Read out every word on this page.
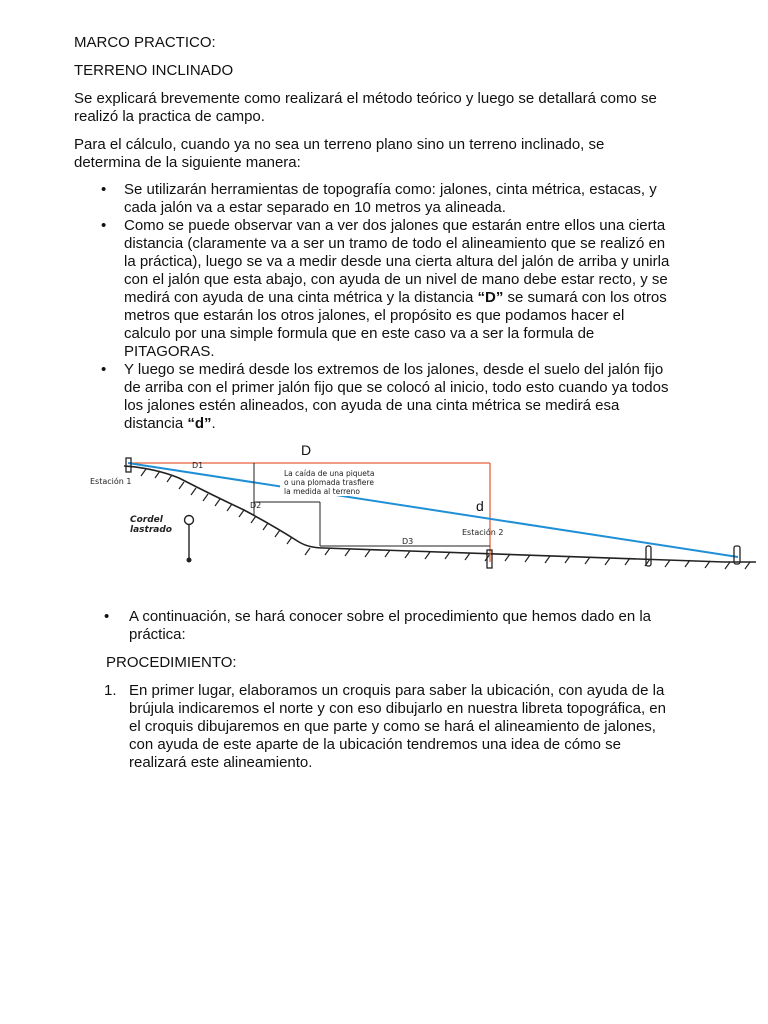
MARCO PRACTICO:

TERRENO INCLINADO

Se explicará brevemente como realizará el método teórico y luego se detallará como se realizó la practica de campo.

Para el cálculo, cuando ya no sea un terreno plano sino un terreno inclinado, se determina de la siguiente manera:

• Se utilizarán herramientas de topografía como: jalones, cinta métrica, estacas, y cada jalón va a estar separado en 10 metros ya alineada.
• Como se puede observar van a ver dos jalones que estarán entre ellos una cierta distancia (claramente va a ser un tramo de todo el alineamiento que se realizó en la práctica), luego se va a medir desde una cierta altura del jalón de arriba y unirla con el jalón que esta abajo, con ayuda de un nivel de mano debe estar recto, y se medirá con ayuda de una cinta métrica y la distancia “D” se sumará con los otros metros que estarán los otros jalones, el propósito es que podamos hacer el calculo por una simple formula que en este caso va a ser la formula de PITAGORAS.
• Y luego se medirá desde los extremos de los jalones, desde el suelo del jalón fijo de arriba con el primer jalón fijo que se colocó al inicio, todo esto cuando ya todos los jalones estén alineados, con ayuda de una cinta métrica se medirá esa distancia “d”.
D
d
D1
D2
D3
Estación 1
Estación 2
Cordel
lastrado
La caída de una piqueta
o una plomada trasfiere
la medida al terreno
• A continuación, se hará conocer sobre el procedimiento que hemos dado en la práctica:

PROCEDIMIENTO:

1. En primer lugar, elaboramos un croquis para saber la ubicación, con ayuda de la brújula indicaremos el norte y con eso dibujarlo en nuestra libreta topográfica, en el croquis dibujaremos en que parte y como se hará el alineamiento de jalones, con ayuda de este aparte de la ubicación tendremos una idea de cómo se realizará este alineamiento.
